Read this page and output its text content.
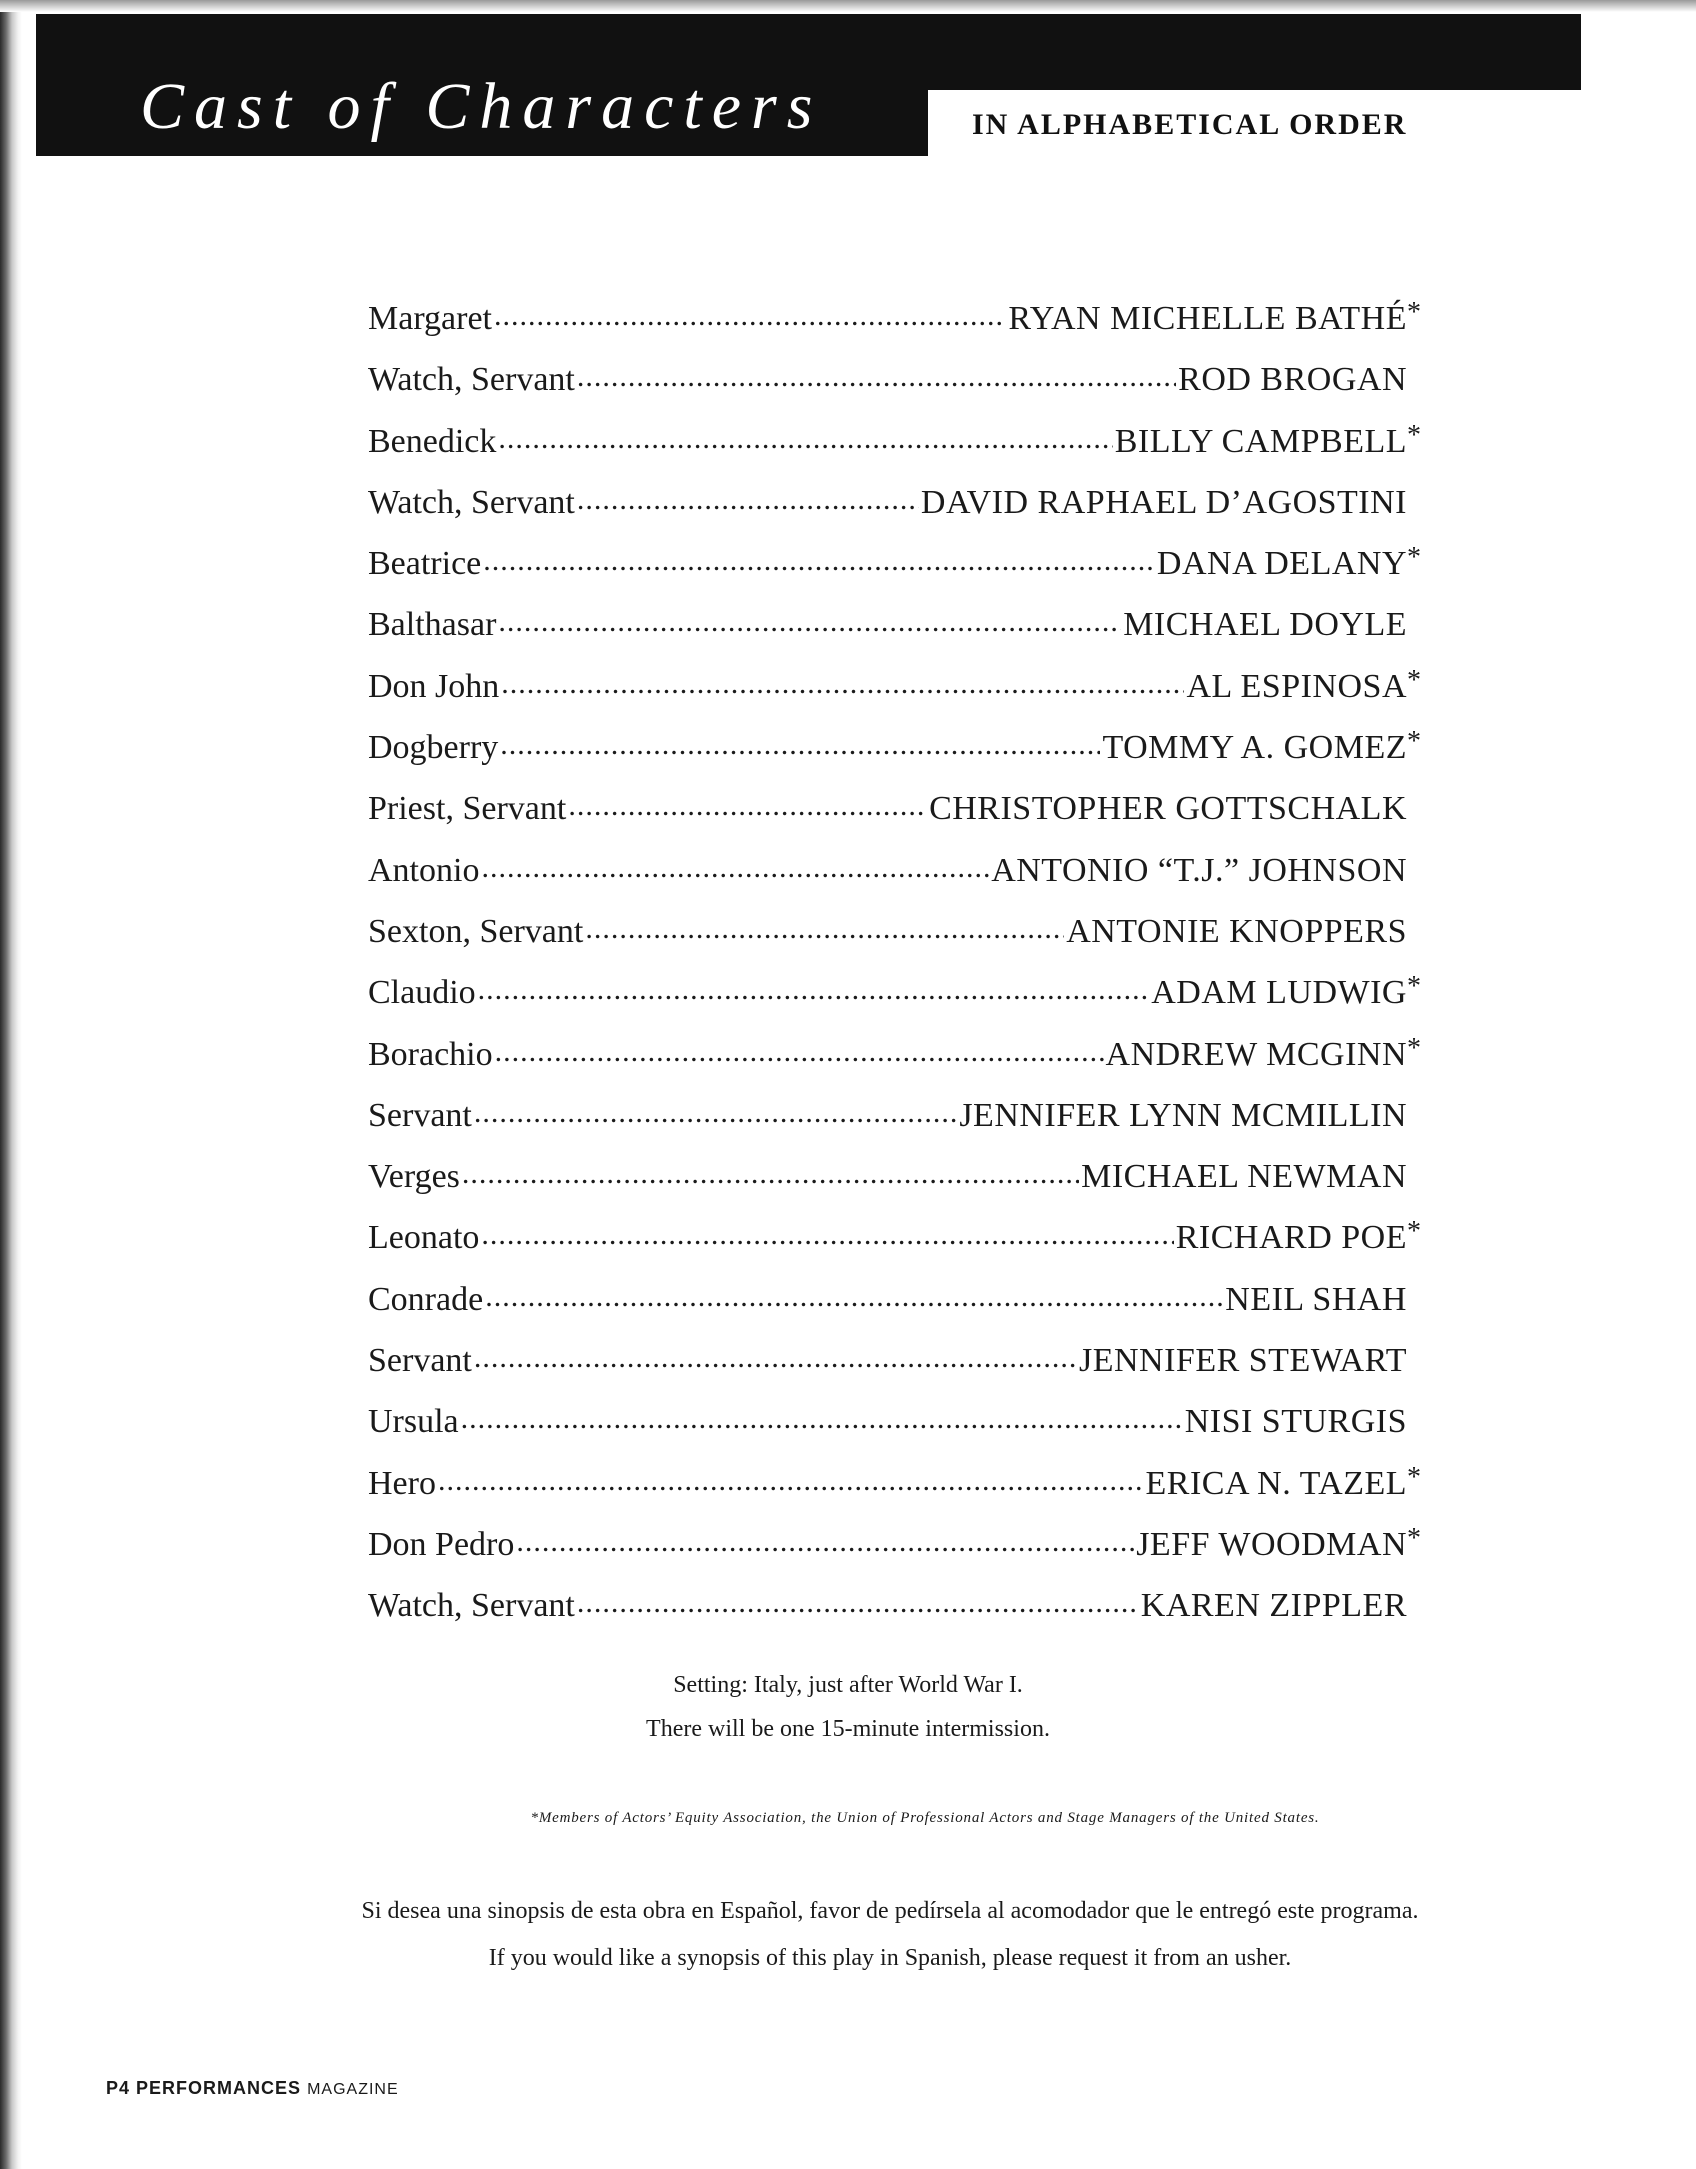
Cast of Characters	IN ALPHABETICAL ORDER
Margaret .....	RYAN MICHELLE BATHÉ *
Watch, Servant .....	ROD BROGAN
Benedick .....	BILLY CAMPBELL *
Watch, Servant .....	DAVID RAPHAEL D’AGOSTINI
Beatrice .....	DANA DELANY *
Balthasar .....	MICHAEL DOYLE
Don John .....	AL ESPINOSA *
Dogberry .....	TOMMY A. GOMEZ *
Priest, Servant .....	CHRISTOPHER GOTTSCHALK
Antonio .....	ANTONIO “T.J.” JOHNSON
Sexton, Servant .....	ANTONIE KNOPPERS
Claudio .....	ADAM LUDWIG *
Borachio .....	ANDREW MCGINN *
Servant .....	JENNIFER LYNN MCMILLIN
Verges .....	MICHAEL NEWMAN
Leonato .....	RICHARD POE *
Conrade .....	NEIL SHAH
Servant .....	JENNIFER STEWART
Ursula .....	NISI STURGIS
Hero .....	ERICA N. TAZEL *
Don Pedro .....	JEFF WOODMAN *
Watch, Servant .....	KAREN ZIPPLER
Setting: Italy, just after World War I.
There will be one 15-minute intermission.
*Members of Actors’ Equity Association, the Union of Professional Actors and Stage Managers of the United States.
Si desea una sinopsis de esta obra en Español, favor de pedírsela al acomodador que le entregó este programa.
If you would like a synopsis of this play in Spanish, please request it from an usher.
P4 PERFORMANCES MAGAZINE
